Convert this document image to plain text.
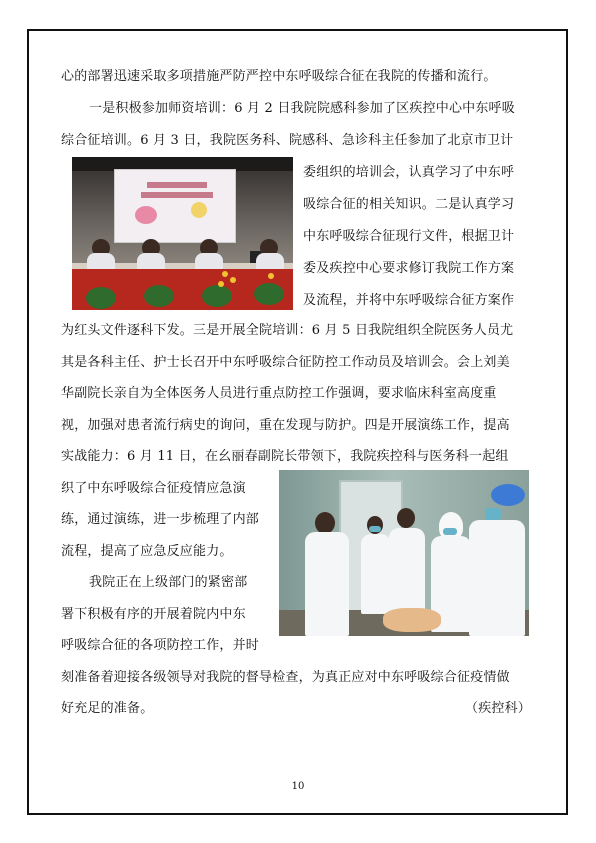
心的部署迅速采取多项措施严防严控中东呼吸综合征在我院的传播和流行。
一是积极参加师资培训：6 月 2 日我院院感科参加了区疾控中心中东呼吸
综合征培训。6 月 3 日，我院医务科、院感科、急诊科主任参加了北京市卫计
委组织的培训会，认真学习了中东呼
吸综合征的相关知识。二是认真学习
中东呼吸综合征现行文件，根据卫计
委及疾控中心要求修订我院工作方案
及流程，并将中东呼吸综合征方案作
为红头文件逐科下发。三是开展全院培训：6 月 5 日我院组织全院医务人员尤
其是各科主任、护士长召开中东呼吸综合征防控工作动员及培训会。会上刘美
华副院长亲自为全体医务人员进行重点防控工作强调，要求临床科室高度重
视，加强对患者流行病史的询问，重在发现与防护。四是开展演练工作，提高
实战能力：6 月 11 日，在幺丽春副院长带领下，我院疾控科与医务科一起组
织了中东呼吸综合征疫情应急演
练，通过演练，进一步梳理了内部
流程，提高了应急反应能力。
我院正在上级部门的紧密部
署下积极有序的开展着院内中东
呼吸综合征的各项防控工作，并时
刻准备着迎接各级领导对我院的督导检查，为真正应对中东呼吸综合征疫情做
好充足的准备。	（疾控科）
10
